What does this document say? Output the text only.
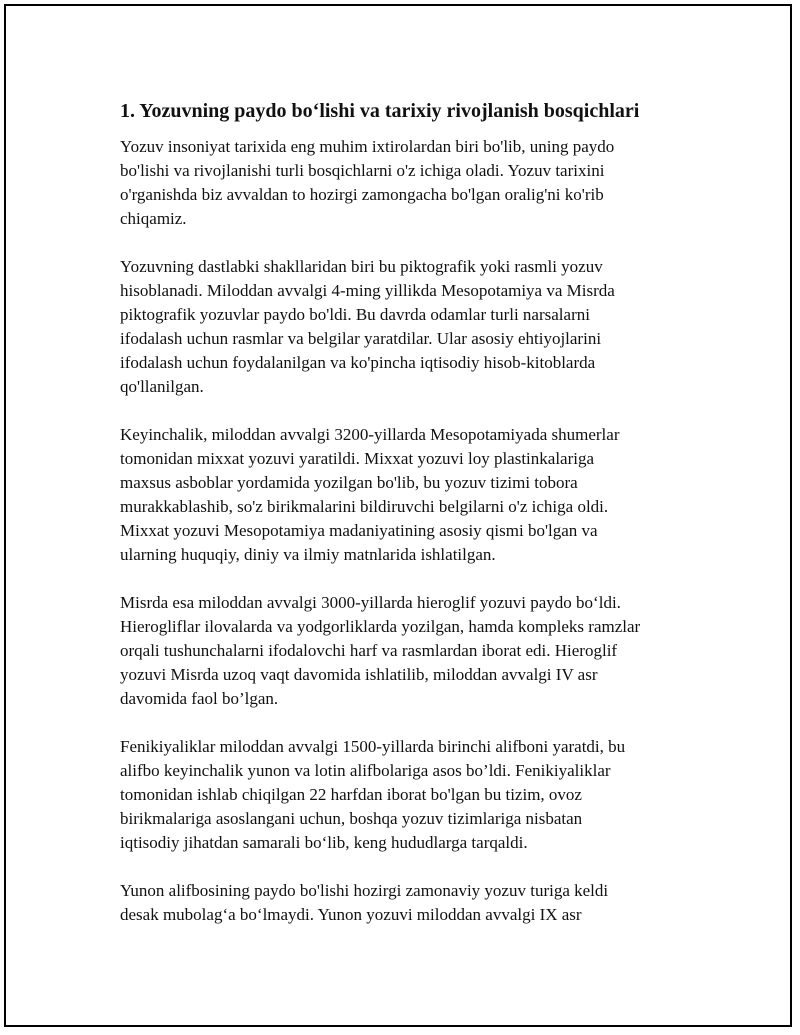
1. Yozuvning paydo boʻlishi va tarixiy rivojlanish bosqichlari

Yozuv insoniyat tarixida eng muhim ixtirolardan biri bo'lib, uning paydo
bo'lishi va rivojlanishi turli bosqichlarni o'z ichiga oladi. Yozuv tarixini
o'rganishda biz avvaldan to hozirgi zamongacha bo'lgan oralig'ni ko'rib
chiqamiz.

Yozuvning dastlabki shakllaridan biri bu piktografik yoki rasmli yozuv
hisoblanadi. Miloddan avvalgi 4-ming yillikda Mesopotamiya va Misrda
piktografik yozuvlar paydo bo'ldi. Bu davrda odamlar turli narsalarni
ifodalash uchun rasmlar va belgilar yaratdilar. Ular asosiy ehtiyojlarini
ifodalash uchun foydalanilgan va ko'pincha iqtisodiy hisob-kitoblarda
qo'llanilgan.

Keyinchalik, miloddan avvalgi 3200-yillarda Mesopotamiyada shumerlar
tomonidan mixxat yozuvi yaratildi. Mixxat yozuvi loy plastinkalariga
maxsus asboblar yordamida yozilgan bo'lib, bu yozuv tizimi tobora
murakkablashib, so'z birikmalarini bildiruvchi belgilarni o'z ichiga oldi.
Mixxat yozuvi Mesopotamiya madaniyatining asosiy qismi bo'lgan va
ularning huquqiy, diniy va ilmiy matnlarida ishlatilgan.

Misrda esa miloddan avvalgi 3000-yillarda hieroglif yozuvi paydo boʻldi.
Hierogliflar ilovalarda va yodgorliklarda yozilgan, hamda kompleks ramzlar
orqali tushunchalarni ifodalovchi harf va rasmlardan iborat edi. Hieroglif
yozuvi Misrda uzoq vaqt davomida ishlatilib, miloddan avvalgi IV asr
davomida faol bo’lgan.

Fenikiyaliklar miloddan avvalgi 1500-yillarda birinchi alifboni yaratdi, bu
alifbo keyinchalik yunon va lotin alifbolariga asos bo’ldi. Fenikiyaliklar
tomonidan ishlab chiqilgan 22 harfdan iborat bo'lgan bu tizim, ovoz
birikmalariga asoslangani uchun, boshqa yozuv tizimlariga nisbatan
iqtisodiy jihatdan samarali boʻlib, keng hududlarga tarqaldi.

Yunon alifbosining paydo bo'lishi hozirgi zamonaviy yozuv turiga keldi
desak mubolagʻa boʻlmaydi. Yunon yozuvi miloddan avvalgi IX asr
